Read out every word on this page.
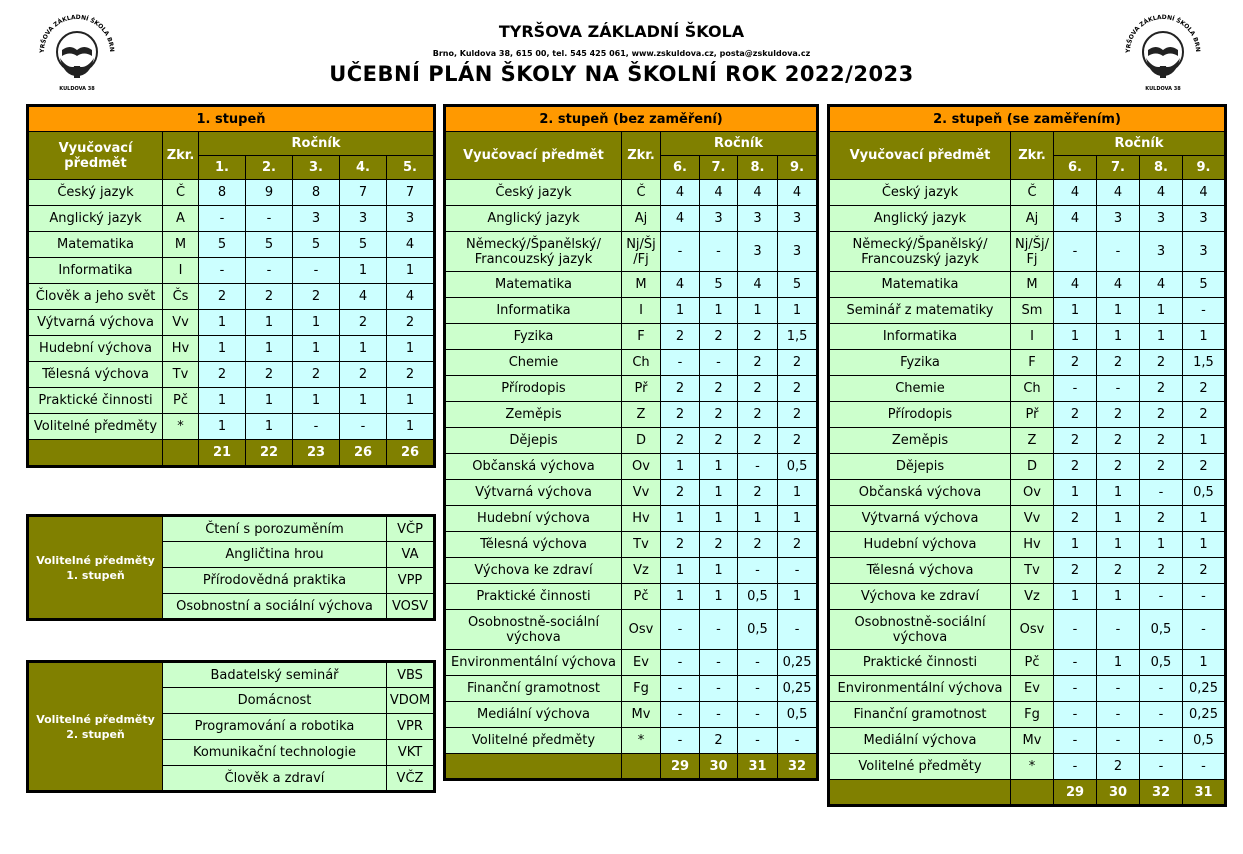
YRŠOVA ZÁKLADNÍ ŠKOLA BRN
KULDOVA 38
TYRŠOVA ZÁKLADNÍ ŠKOLA
Brno, Kuldova 38, 615 00, tel. 545 425 061, www.zskuldova.cz, posta@zskuldova.cz
UČEBNÍ PLÁN ŠKOLY NA ŠKOLNÍ ROK 2022/2023
YRŠOVA ZÁKLADNÍ ŠKOLA BRN
KULDOVA 38
1. stupeň						
Vyučovací předmět	Zkr.	Ročník				
		1.	2.	3.	4.	5.
Český jazyk	Č	8	9	8	7	7
Anglický jazyk	A	-	-	3	3	3
Matematika	M	5	5	5	5	4
Informatika	I	-	-	-	1	1
Člověk a jeho svět	Čs	2	2	2	4	4
Výtvarná výchova	Vv	1	1	1	2	2
Hudební výchova	Hv	1	1	1	1	1
Tělesná výchova	Tv	2	2	2	2	2
Praktické činnosti	Pč	1	1	1	1	1
Volitelné předměty	*	1	1	-	-	1
		21	22	23	26	26
2. stupeň (bez zaměření)					
Vyučovací předmět	Zkr.	Ročník			
		6.	7.	8.	9.
Český jazyk	Č	4	4	4	4
Anglický jazyk	Aj	4	3	3	3
Německý/Španělský/ Francouzský jazyk	Nj/Šj /Fj	-	-	3	3
Matematika	M	4	5	4	5
Informatika	I	1	1	1	1
Fyzika	F	2	2	2	1,5
Chemie	Ch	-	-	2	2
Přírodopis	Př	2	2	2	2
Zeměpis	Z	2	2	2	2
Dějepis	D	2	2	2	2
Občanská výchova	Ov	1	1	-	0,5
Výtvarná výchova	Vv	2	1	2	1
Hudební výchova	Hv	1	1	1	1
Tělesná výchova	Tv	2	2	2	2
Výchova ke zdraví	Vz	1	1	-	-
Praktické činnosti	Pč	1	1	0,5	1
Osobnostně-sociální výchova	Osv	-	-	0,5	-
Environmentální výchova	Ev	-	-	-	0,25
Finanční gramotnost	Fg	-	-	-	0,25
Mediální výchova	Mv	-	-	-	0,5
Volitelné předměty	*	-	2	-	-
		29	30	31	32
2. stupeň (se zaměřením)					
Vyučovací předmět	Zkr.	Ročník			
		6.	7.	8.	9.
Český jazyk	Č	4	4	4	4
Anglický jazyk	Aj	4	3	3	3
Německý/Španělský/ Francouzský jazyk	Nj/Šj/ Fj	-	-	3	3
Matematika	M	4	4	4	5
Seminář z matematiky	Sm	1	1	1	-
Informatika	I	1	1	1	1
Fyzika	F	2	2	2	1,5
Chemie	Ch	-	-	2	2
Přírodopis	Př	2	2	2	2
Zeměpis	Z	2	2	2	1
Dějepis	D	2	2	2	2
Občanská výchova	Ov	1	1	-	0,5
Výtvarná výchova	Vv	2	1	2	1
Hudební výchova	Hv	1	1	1	1
Tělesná výchova	Tv	2	2	2	2
Výchova ke zdraví	Vz	1	1	-	-
Osobnostně-sociální výchova	Osv	-	-	0,5	-
Praktické činnosti	Pč	-	1	0,5	1
Environmentální výchova	Ev	-	-	-	0,25
Finanční gramotnost	Fg	-	-	-	0,25
Mediální výchova	Mv	-	-	-	0,5
Volitelné předměty	*	-	2	-	-
		29	30	32	31
Volitelné předměty 1. stupeň	Čtení s porozuměním	VČP
	Angličtina hrou	VA
	Přírodovědná praktika	VPP
	Osobnostní a sociální výchova	VOSV
Volitelné předměty 2. stupeň	Badatelský seminář	VBS
	Domácnost	VDOM
	Programování a robotika	VPR
	Komunikační technologie	VKT
	Člověk a zdraví	VČZ
